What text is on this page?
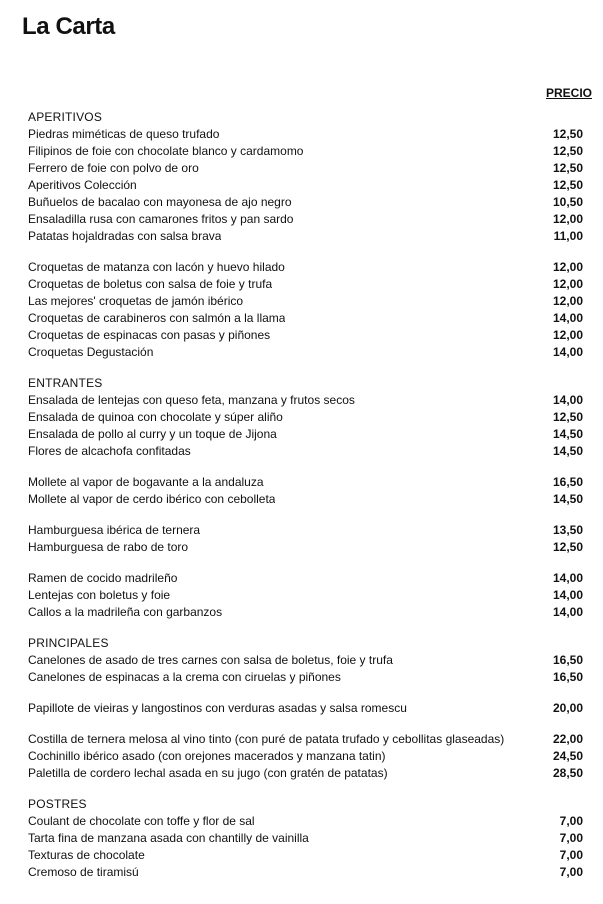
La Carta
PRECIO
APERITIVOS
Piedras miméticas de queso trufado	12,50
Filipinos de foie con chocolate blanco y cardamomo	12,50
Ferrero de foie con polvo de oro	12,50
Aperitivos Colección	12,50
Buñuelos de bacalao con mayonesa de ajo negro	10,50
Ensaladilla rusa con camarones fritos y pan sardo	12,00
Patatas hojaldradas con salsa brava	11,00
Croquetas de matanza con lacón y huevo hilado	12,00
Croquetas de boletus con salsa de foie y trufa	12,00
Las mejores' croquetas de jamón ibérico	12,00
Croquetas de carabineros con salmón a la llama	14,00
Croquetas de espinacas con pasas y piñones	12,00
Croquetas Degustación	14,00
ENTRANTES
Ensalada de lentejas con queso feta, manzana y frutos secos	14,00
Ensalada de quinoa con chocolate y súper aliño	12,50
Ensalada de pollo al curry y un toque de Jijona	14,50
Flores de alcachofa confitadas	14,50
Mollete al vapor de bogavante a la andaluza	16,50
Mollete al vapor de cerdo ibérico con cebolleta	14,50
Hamburguesa ibérica de ternera	13,50
Hamburguesa de rabo de toro	12,50
Ramen de cocido madrileño	14,00
Lentejas con boletus y foie	14,00
Callos a la madrileña con garbanzos	14,00
PRINCIPALES
Canelones de asado de tres carnes con salsa de boletus, foie y trufa	16,50
Canelones de espinacas a la crema con ciruelas y piñones	16,50
Papillote de vieiras y langostinos con verduras asadas y salsa romescu	20,00
Costilla de ternera melosa al vino tinto (con puré de patata trufado y cebollitas glaseadas)	22,00
Cochinillo ibérico asado (con orejones macerados y manzana tatin)	24,50
Paletilla de cordero lechal asada en su jugo (con gratén de patatas)	28,50
POSTRES
Coulant de chocolate con toffe y flor de sal	7,00
Tarta fina de manzana asada con chantilly de vainilla	7,00
Texturas de chocolate	7,00
Cremoso de tiramisú	7,00
